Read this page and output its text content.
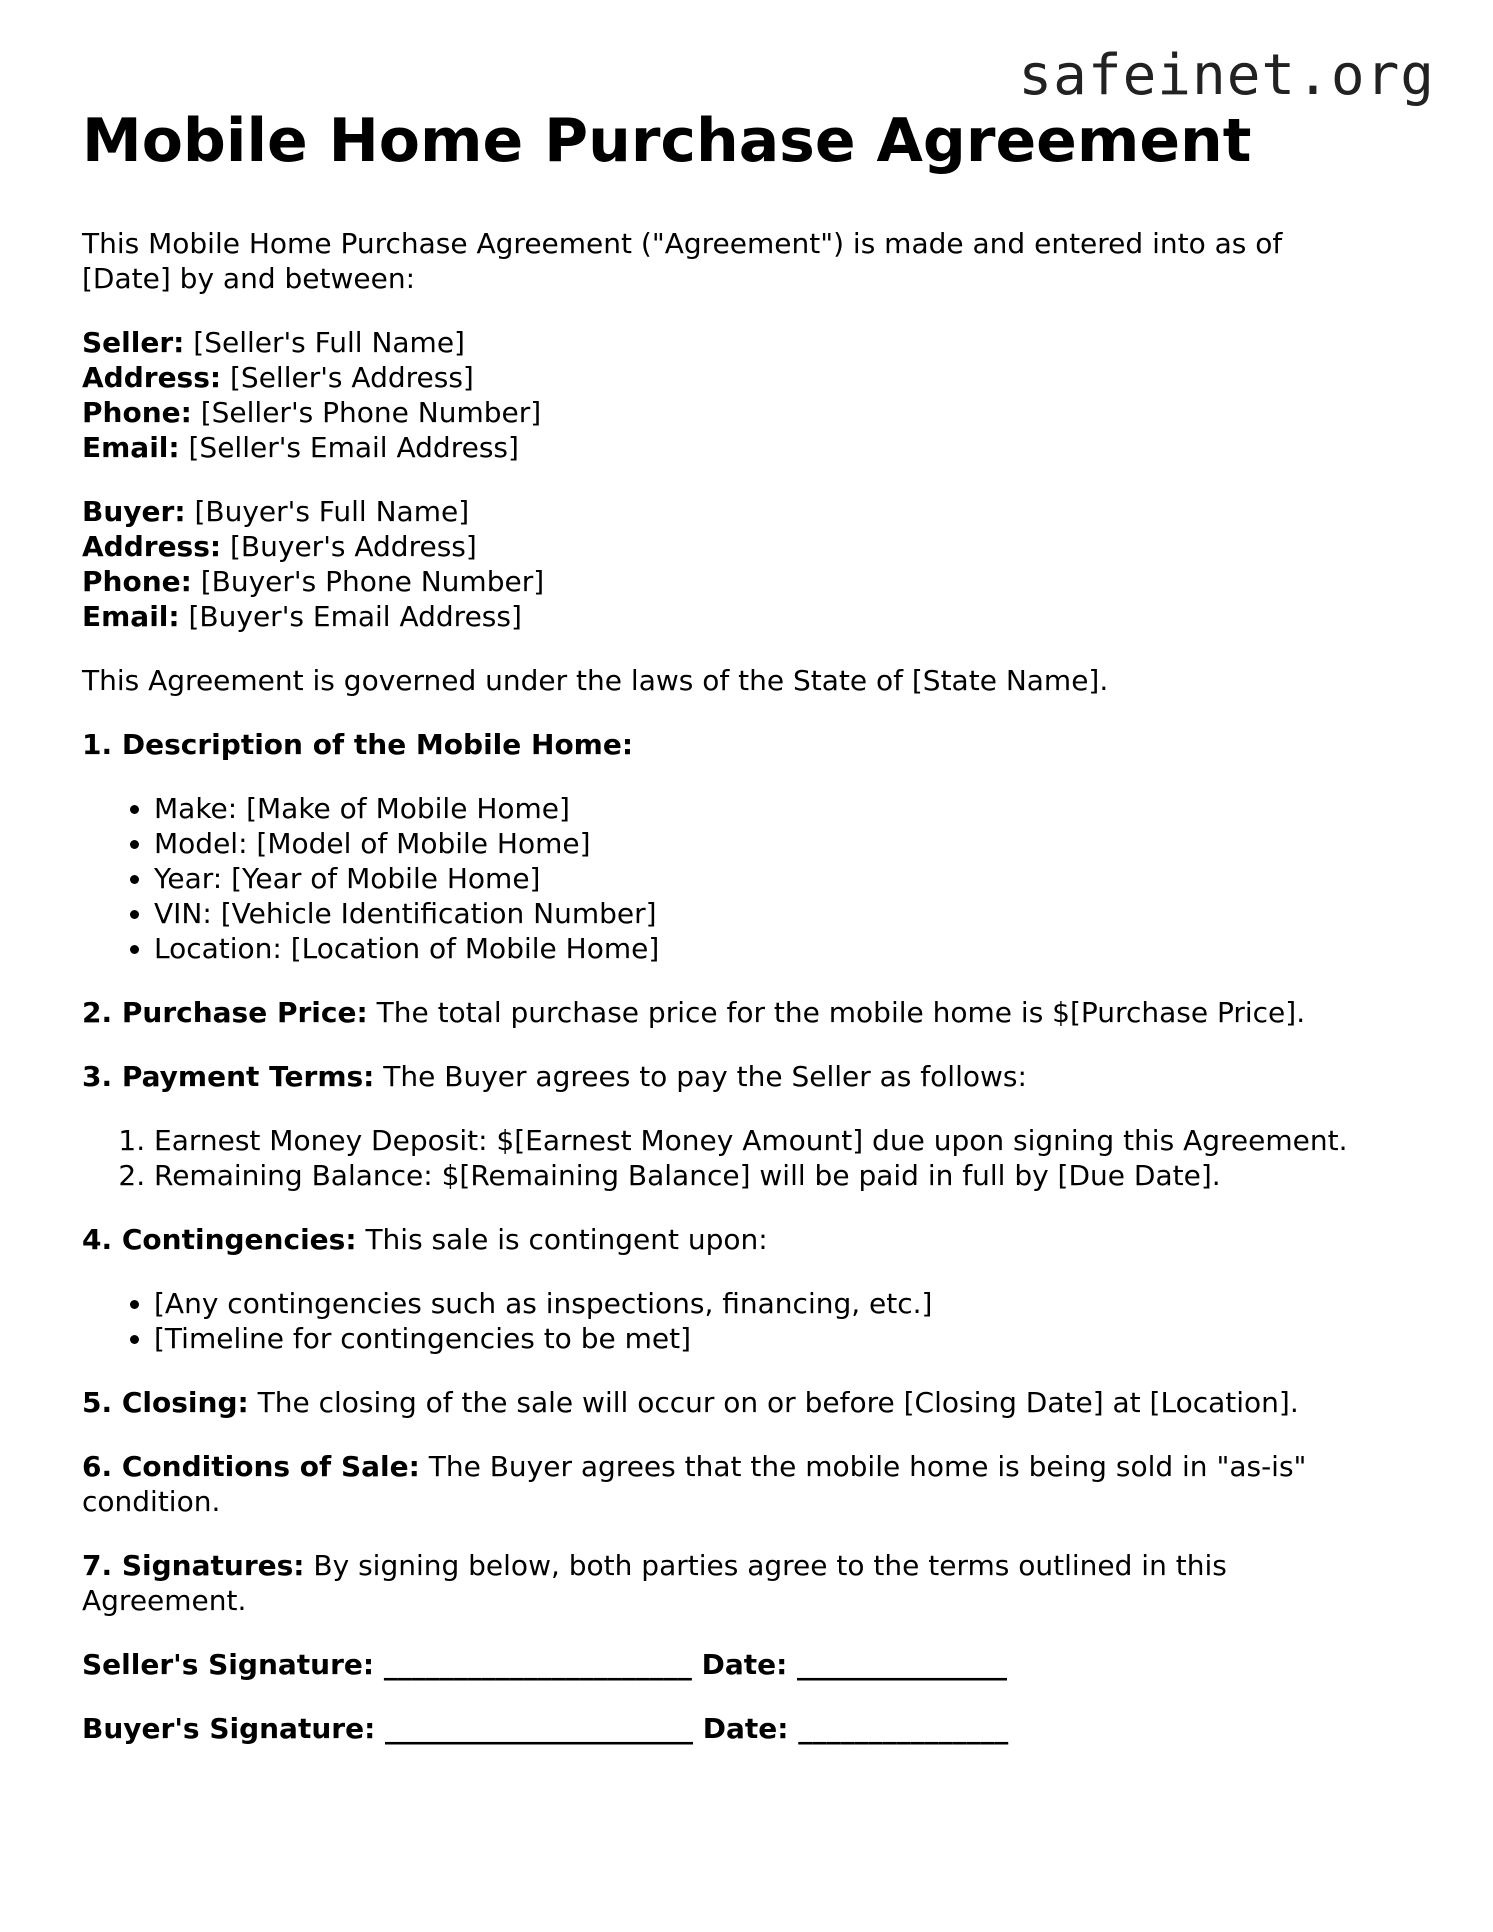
safeinet.org
Mobile Home Purchase Agreement

This Mobile Home Purchase Agreement ("Agreement") is made and entered into as of [Date] by and between:

Seller: [Seller's Full Name]

Address: [Seller's Address]

Phone: [Seller's Phone Number]

Email: [Seller's Email Address]

Buyer: [Buyer's Full Name]

Address: [Buyer's Address]

Phone: [Buyer's Phone Number]

Email: [Buyer's Email Address]

This Agreement is governed under the laws of the State of [State Name].

1. Description of the Mobile Home:

• Make: [Make of Mobile Home]
• Model: [Model of Mobile Home]
• Year: [Year of Mobile Home]
• VIN: [Vehicle Identification Number]
• Location: [Location of Mobile Home]

2. Purchase Price: The total purchase price for the mobile home is $[Purchase Price].

3. Payment Terms: The Buyer agrees to pay the Seller as follows:

1. Earnest Money Deposit: $[Earnest Money Amount] due upon signing this Agreement.
2. Remaining Balance: $[Remaining Balance] will be paid in full by [Due Date].

4. Contingencies: This sale is contingent upon:

• [Any contingencies such as inspections, financing, etc.]
• [Timeline for contingencies to be met]

5. Closing: The closing of the sale will occur on or before [Closing Date] at [Location].

6. Conditions of Sale: The Buyer agrees that the mobile home is being sold in "as-is" condition.

7. Signatures: By signing below, both parties agree to the terms outlined in this Agreement.

Seller's Signature: ______________________ Date: _______________

Buyer's Signature: ______________________ Date: _______________
